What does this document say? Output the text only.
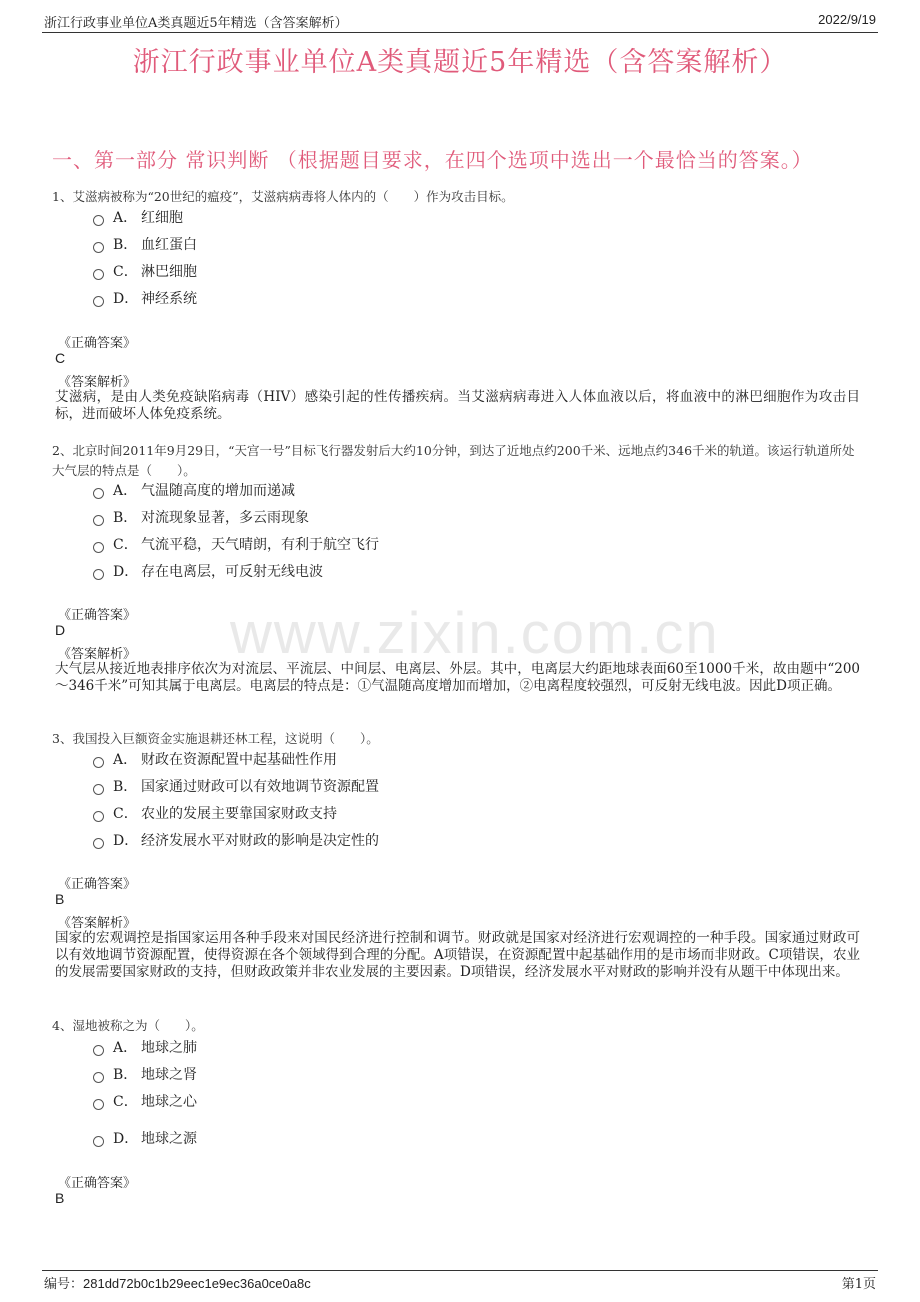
www.zixin.com.cn
浙江行政事业单位A类真题近5年精选（含答案解析）	2022/9/19
浙江行政事业单位A类真题近5年精选（含答案解析）
一、第一部分 常识判断 （根据题目要求，在四个选项中选出一个最恰当的答案。）
1、艾滋病被称为“20世纪的瘟疫”，艾滋病病毒将人体内的（　　）作为攻击目标。
A． 红细胞
B． 血红蛋白
C． 淋巴细胞
D． 神经系统
《正确答案》
C
《答案解析》
艾滋病，是由人类免疫缺陷病毒（HIV）感染引起的性传播疾病。当艾滋病病毒进入人体血液以后，将血液中的淋巴细胞作为攻击目标，进而破坏人体免疫系统。
2、北京时间2011年9月29日，“天宫一号”目标飞行器发射后大约10分钟，到达了近地点约200千米、远地点约346千米的轨道。该运行轨道所处大气层的特点是（　　）。
A． 气温随高度的增加而递减
B． 对流现象显著，多云雨现象
C． 气流平稳，天气晴朗，有利于航空飞行
D． 存在电离层，可反射无线电波
《正确答案》
D
《答案解析》
大气层从接近地表排序依次为对流层、平流层、中间层、电离层、外层。其中，电离层大约距地球表面60至1000千米，故由题中“200～346千米”可知其属于电离层。电离层的特点是：①气温随高度增加而增加，②电离程度较强烈，可反射无线电波。因此D项正确。
3、我国投入巨额资金实施退耕还林工程，这说明（　　）。
A． 财政在资源配置中起基础性作用
B． 国家通过财政可以有效地调节资源配置
C． 农业的发展主要靠国家财政支持
D． 经济发展水平对财政的影响是决定性的
《正确答案》
B
《答案解析》
国家的宏观调控是指国家运用各种手段来对国民经济进行控制和调节。财政就是国家对经济进行宏观调控的一种手段。国家通过财政可以有效地调节资源配置，使得资源在各个领域得到合理的分配。A项错误，在资源配置中起基础作用的是市场而非财政。C项错误，农业的发展需要国家财政的支持，但财政政策并非农业发展的主要因素。D项错误，经济发展水平对财政的影响并没有从题干中体现出来。
4、湿地被称之为（　　）。
A． 地球之肺
B． 地球之肾
C． 地球之心
D． 地球之源
《正确答案》
B
编号：281dd72b0c1b29eec1e9ec36a0ce0a8c	第1页
